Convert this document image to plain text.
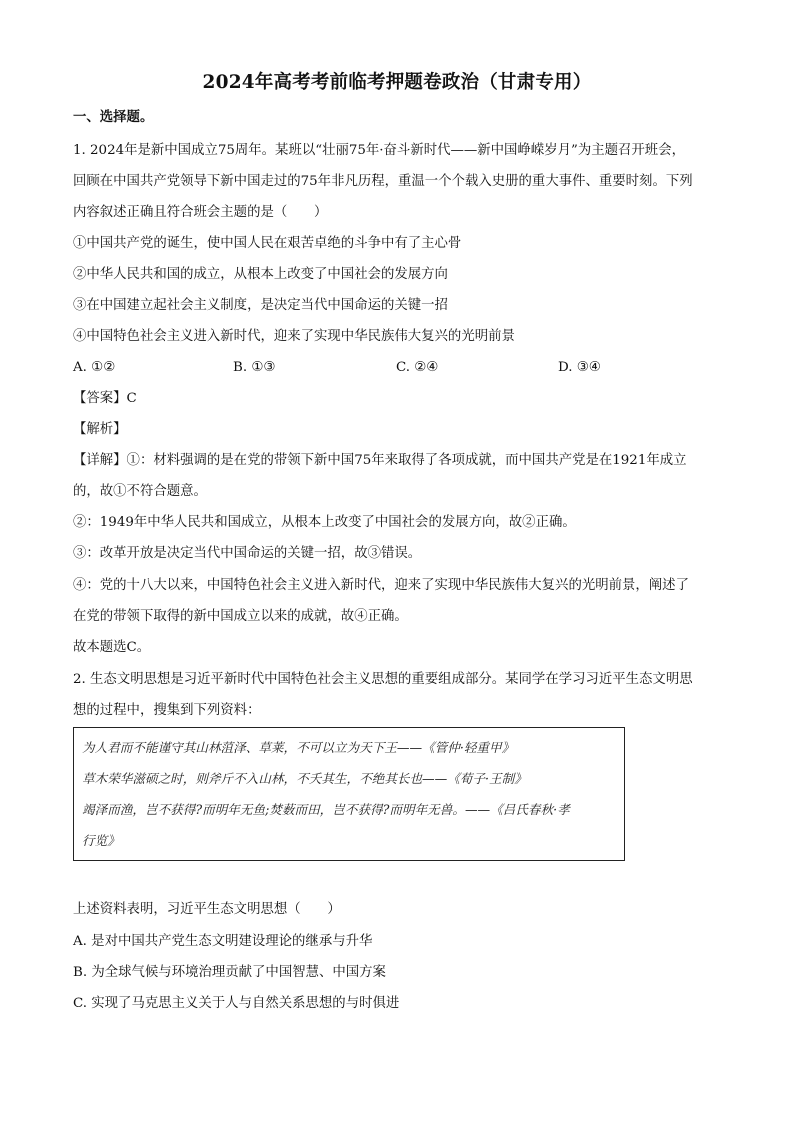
2024年高考考前临考押题卷政治（甘肃专用）
一、选择题。
1. 2024年是新中国成立75周年。某班以“壮丽75年·奋斗新时代——新中国峥嵘岁月”为主题召开班会，
回顾在中国共产党领导下新中国走过的75年非凡历程，重温一个个载入史册的重大事件、重要时刻。下列
内容叙述正确且符合班会主题的是（　　）
①中国共产党的诞生，使中国人民在艰苦卓绝的斗争中有了主心骨
②中华人民共和国的成立，从根本上改变了中国社会的发展方向
③在中国建立起社会主义制度，是决定当代中国命运的关键一招
④中国特色社会主义进入新时代，迎来了实现中华民族伟大复兴的光明前景
A. ①②	B. ①③	C. ②④	D. ③④
【答案】C
【解析】
【详解】①：材料强调的是在党的带领下新中国75年来取得了各项成就，而中国共产党是在1921年成立
的，故①不符合题意。
②：1949年中华人民共和国成立，从根本上改变了中国社会的发展方向，故②正确。
③：改革开放是决定当代中国命运的关键一招，故③错误。
④：党的十八大以来，中国特色社会主义进入新时代，迎来了实现中华民族伟大复兴的光明前景，阐述了
在党的带领下取得的新中国成立以来的成就，故④正确。
故本题选C。
2. 生态文明思想是习近平新时代中国特色社会主义思想的重要组成部分。某同学在学习习近平生态文明思
想的过程中，搜集到下列资料：
为人君而不能谨守其山林菹泽、草莱，不可以立为天下王——《管仲·轻重甲》
草木荣华滋硕之时，则斧斤不入山林，不夭其生，不绝其长也——《荀子·王制》
竭泽而渔，岂不获得?而明年无鱼;焚薮而田，岂不获得?而明年无兽。——《吕氏春秋·孝
行览》
上述资料表明，习近平生态文明思想（　　）
A. 是对中国共产党生态文明建设理论的继承与升华
B. 为全球气候与环境治理贡献了中国智慧、中国方案
C. 实现了马克思主义关于人与自然关系思想的与时俱进
